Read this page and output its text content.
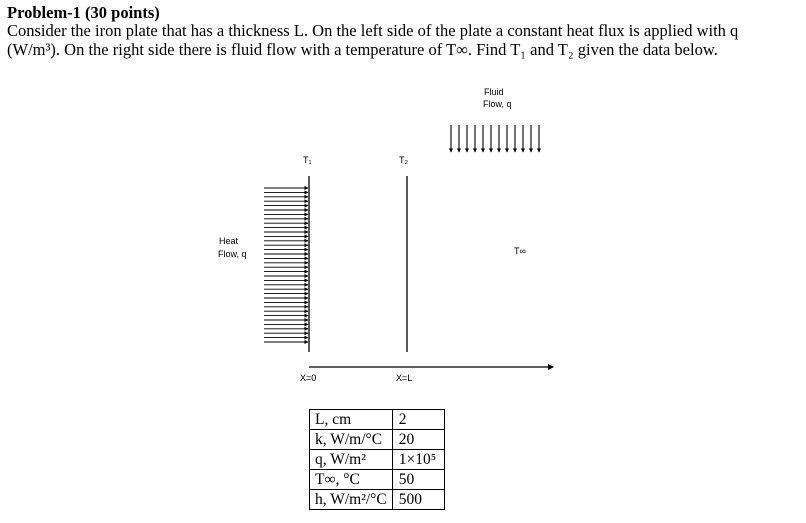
Problem-1 (30 points)

Consider the iron plate that has a thickness L. On the left side of the plate a constant heat flux is applied with q

(W/m³). On the right side there is fluid flow with a temperature of T∞. Find T₁ and T₂ given the data below.

Fluid
Flow, q
Heat
Flow, q
T₁	T₂
T∞
X=0	X=L
L, cm	2
k, W/m/°C	20
q, W/m²	1×10⁵
T∞, °C	50
h, W/m²/°C	500
